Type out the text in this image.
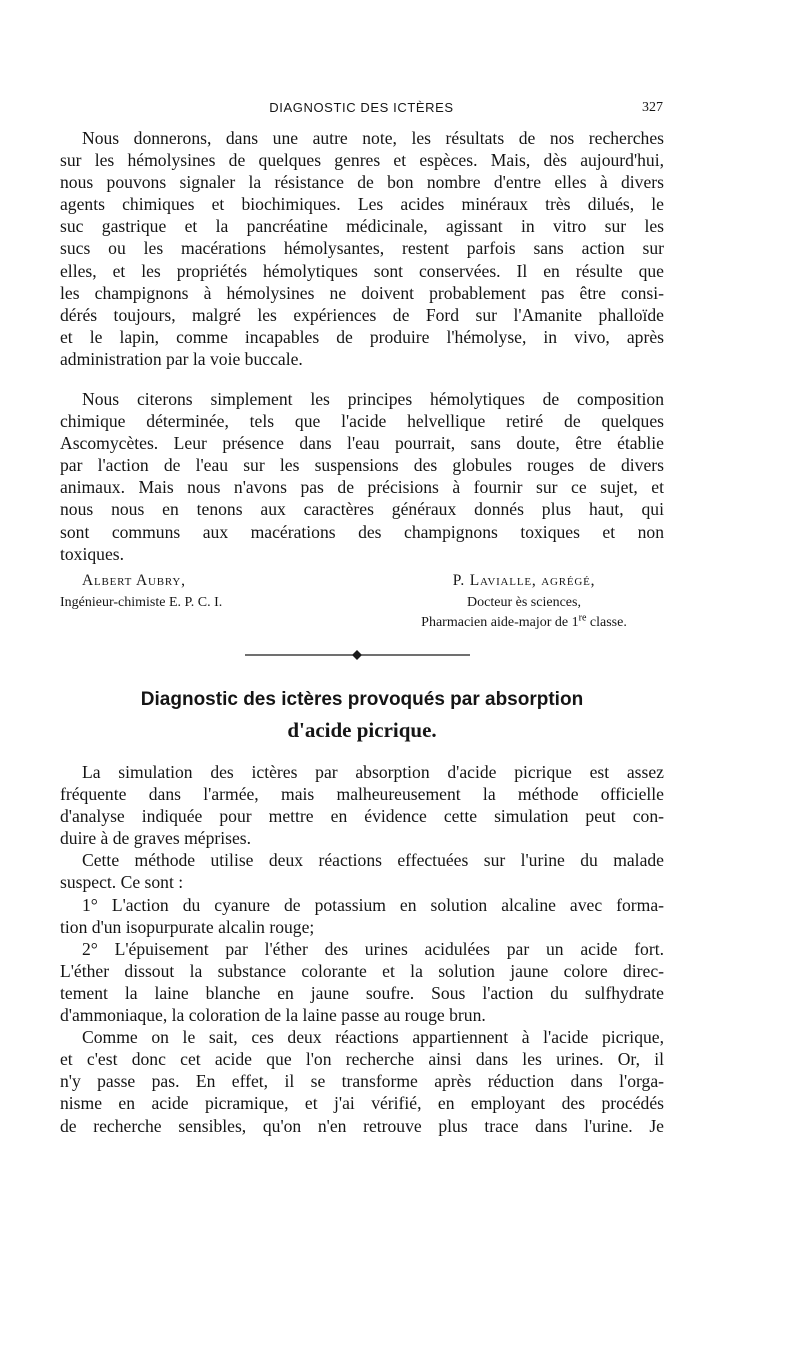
DIAGNOSTIC DES ICTÈRES	327
Nous donnerons, dans une autre note, les résultats de nos recherches
sur les hémolysines de quelques genres et espèces. Mais, dès aujourd'hui,
nous pouvons signaler la résistance de bon nombre d'entre elles à divers
agents chimiques et biochimiques. Les acides minéraux très dilués, le
suc gastrique et la pancréatine médicinale, agissant in vitro sur les
sucs ou les macérations hémolysantes, restent parfois sans action sur
elles, et les propriétés hémolytiques sont conservées. Il en résulte que
les champignons à hémolysines ne doivent probablement pas être consi-
dérés toujours, malgré les expériences de Ford sur l'Amanite phalloïde
et le lapin, comme incapables de produire l'hémolyse, in vivo, après
administration par la voie buccale.
Nous citerons simplement les principes hémolytiques de composition
chimique déterminée, tels que l'acide helvellique retiré de quelques
Ascomycètes. Leur présence dans l'eau pourrait, sans doute, être établie
par l'action de l'eau sur les suspensions des globules rouges de divers
animaux. Mais nous n'avons pas de précisions à fournir sur ce sujet, et
nous nous en tenons aux caractères généraux donnés plus haut, qui
sont communs aux macérations des champignons toxiques et non
toxiques.
Albert Aubry,
Ingénieur-chimiste E. P. C. I.
P. Lavialle, agrégé,
Docteur ès sciences,
Pharmacien aide-major de 1re classe.
Diagnostic des ictères provoqués par absorption
d'acide picrique.
La simulation des ictères par absorption d'acide picrique est assez
fréquente dans l'armée, mais malheureusement la méthode officielle
d'analyse indiquée pour mettre en évidence cette simulation peut con-
duire à de graves méprises.
Cette méthode utilise deux réactions effectuées sur l'urine du malade
suspect. Ce sont :
1° L'action du cyanure de potassium en solution alcaline avec forma-
tion d'un isopurpurate alcalin rouge;
2° L'épuisement par l'éther des urines acidulées par un acide fort.
L'éther dissout la substance colorante et la solution jaune colore direc-
tement la laine blanche en jaune soufre. Sous l'action du sulfhydrate
d'ammoniaque, la coloration de la laine passe au rouge brun.
Comme on le sait, ces deux réactions appartiennent à l'acide picrique,
et c'est donc cet acide que l'on recherche ainsi dans les urines. Or, il
n'y passe pas. En effet, il se transforme après réduction dans l'orga-
nisme en acide picramique, et j'ai vérifié, en employant des procédés
de recherche sensibles, qu'on n'en retrouve plus trace dans l'urine. Je
